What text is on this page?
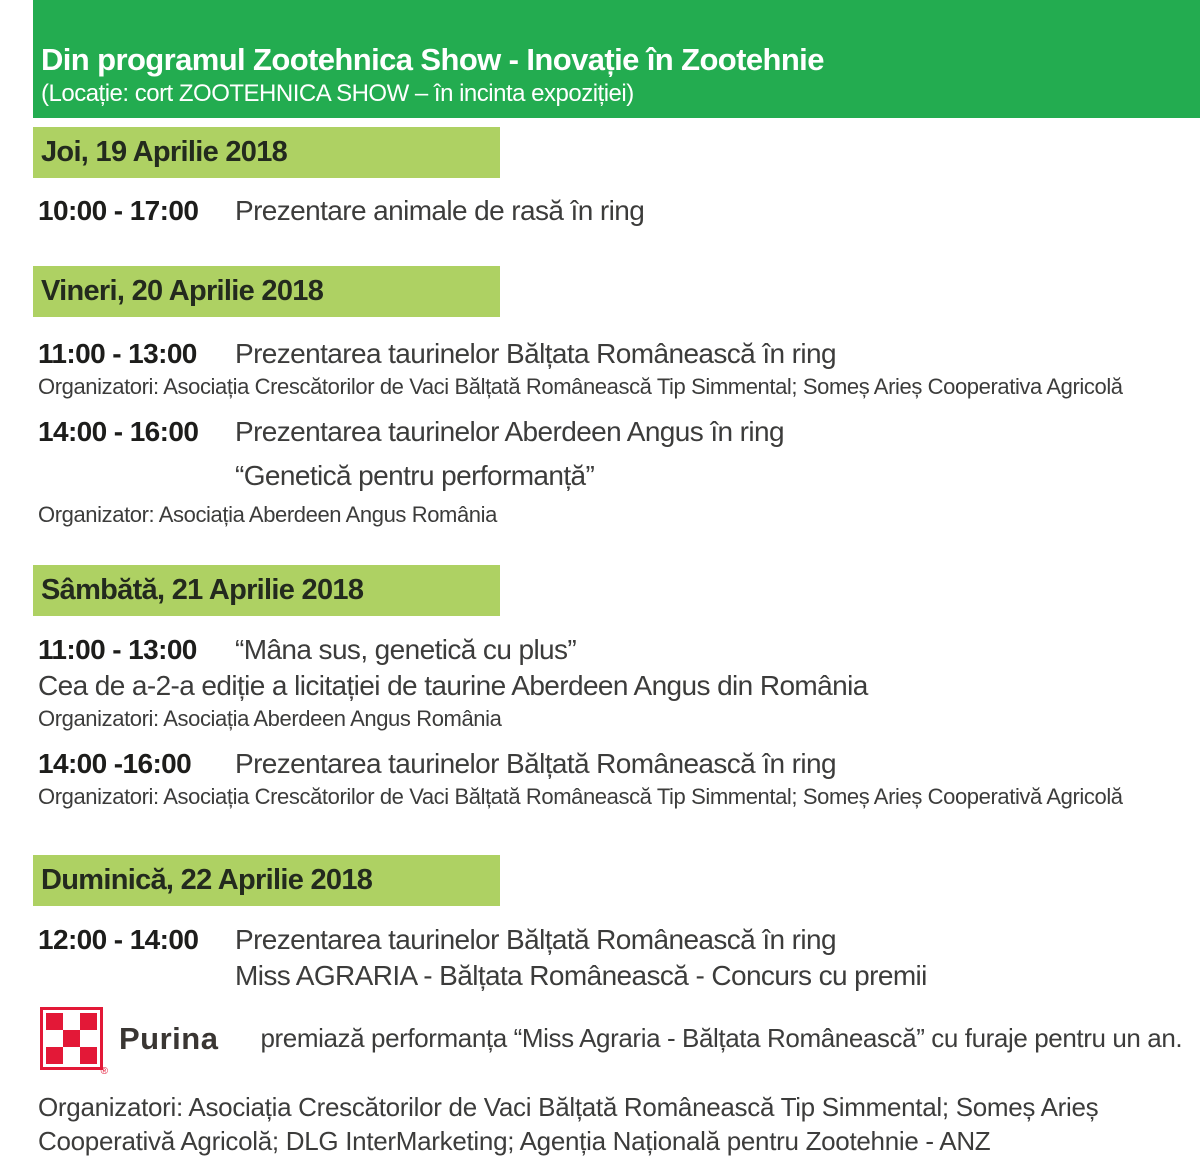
Din programul Zootehnica Show - Inovație în Zootehnie
(Locație: cort ZOOTEHNICA SHOW – în incinta expoziției)
Joi, 19 Aprilie 2018
10:00 - 17:00	Prezentare animale de rasă în ring
Vineri, 20 Aprilie 2018
11:00 - 13:00	Prezentarea taurinelor Bălțata Românească în ring
Organizatori: Asociația Crescătorilor de Vaci Bălțată Românească Tip Simmental; Someș Arieș Cooperativa Agricolă
14:00 - 16:00	Prezentarea taurinelor Aberdeen Angus în ring
“Genetică pentru performanță”
Organizator: Asociația Aberdeen Angus România
Sâmbătă, 21 Aprilie 2018
11:00 - 13:00	“Mâna sus, genetică cu plus”
Cea de a-2-a ediție a licitației de taurine Aberdeen Angus din România
Organizatori: Asociația Aberdeen Angus România
14:00 -16:00	Prezentarea taurinelor Bălțată Românească în ring
Organizatori: Asociația Crescătorilor de Vaci Bălțată Românească Tip Simmental; Someș Arieș Cooperativă Agricolă
Duminică, 22 Aprilie 2018
12:00 - 14:00	Prezentarea taurinelor Bălțată Românească în ring
Miss AGRARIA - Bălțata Românească - Concurs cu premii
®
Purina premiază performanța “Miss Agraria - Bălțata Românească” cu furaje pentru un an.

Organizatori: Asociația Crescătorilor de Vaci Bălțată Românească Tip Simmental; Someș Arieș Cooperativă Agricolă; DLG InterMarketing; Agenția Națională pentru Zootehnie - ANZ
